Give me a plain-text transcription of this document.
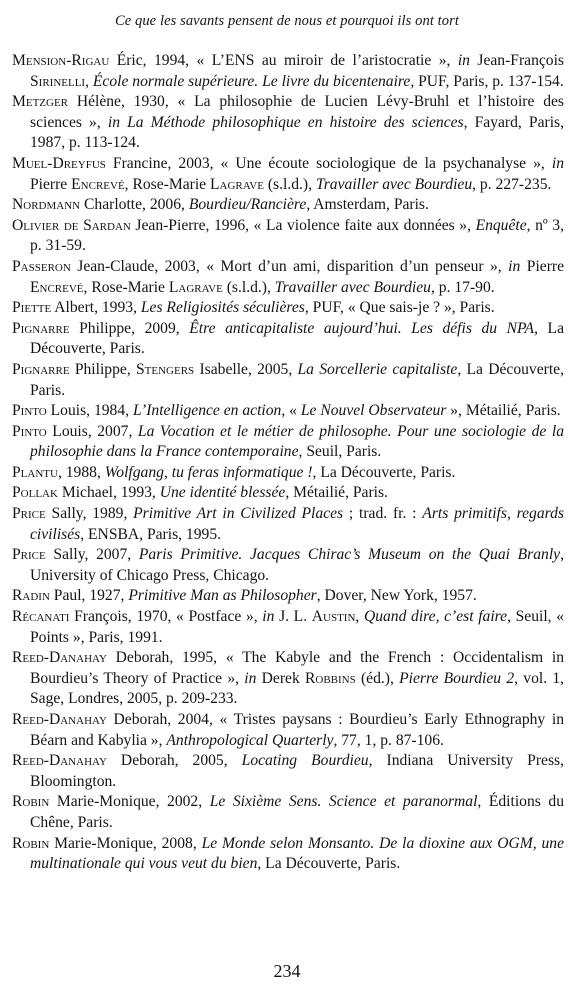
Ce que les savants pensent de nous et pourquoi ils ont tort

Mension-Rigau Éric, 1994, « L’ENS au miroir de l’aristocratie », in Jean-François Sirinelli, École normale supérieure. Le livre du bicentenaire, PUF, Paris, p. 137-154.

Metzger Hélène, 1930, « La philosophie de Lucien Lévy-Bruhl et l’histoire des sciences », in La Méthode philosophique en histoire des sciences, Fayard, Paris, 1987, p. 113-124.

Muel-Dreyfus Francine, 2003, « Une écoute sociologique de la psychanalyse », in Pierre Encrevé, Rose-Marie Lagrave (s.l.d.), Travailler avec Bourdieu, p. 227-235.

Nordmann Charlotte, 2006, Bourdieu/Rancière, Amsterdam, Paris.

Olivier de Sardan Jean-Pierre, 1996, « La violence faite aux données », Enquête, nº 3, p. 31-59.

Passeron Jean-Claude, 2003, « Mort d’un ami, disparition d’un penseur », in Pierre Encrevé, Rose-Marie Lagrave (s.l.d.), Travailler avec Bourdieu, p. 17-90.

Piette Albert, 1993, Les Religiosités séculières, PUF, « Que sais-je ? », Paris.

Pignarre Philippe, 2009, Être anticapitaliste aujourd’hui. Les défis du NPA, La Découverte, Paris.

Pignarre Philippe, Stengers Isabelle, 2005, La Sorcellerie capitaliste, La Découverte, Paris.

Pinto Louis, 1984, L’Intelligence en action, « Le Nouvel Observateur », Métailié, Paris.

Pinto Louis, 2007, La Vocation et le métier de philosophe. Pour une sociologie de la philosophie dans la France contemporaine, Seuil, Paris.

Plantu, 1988, Wolfgang, tu feras informatique !, La Découverte, Paris.

Pollak Michael, 1993, Une identité blessée, Métailié, Paris.

Price Sally, 1989, Primitive Art in Civilized Places ; trad. fr. : Arts primitifs, regards civilisés, ENSBA, Paris, 1995.

Price Sally, 2007, Paris Primitive. Jacques Chirac’s Museum on the Quai Branly, University of Chicago Press, Chicago.

Radin Paul, 1927, Primitive Man as Philosopher, Dover, New York, 1957.

Récanati François, 1970, « Postface », in J. L. Austin, Quand dire, c’est faire, Seuil, « Points », Paris, 1991.

Reed-Danahay Deborah, 1995, « The Kabyle and the French : Occidentalism in Bourdieu’s Theory of Practice », in Derek Robbins (éd.), Pierre Bourdieu 2, vol. 1, Sage, Londres, 2005, p. 209-233.

Reed-Danahay Deborah, 2004, « Tristes paysans : Bourdieu’s Early Ethnography in Béarn and Kabylia », Anthropological Quarterly, 77, 1, p. 87-106.

Reed-Danahay Deborah, 2005, Locating Bourdieu, Indiana University Press, Bloomington.

Robin Marie-Monique, 2002, Le Sixième Sens. Science et paranormal, Éditions du Chêne, Paris.

Robin Marie-Monique, 2008, Le Monde selon Monsanto. De la dioxine aux OGM, une multinationale qui vous veut du bien, La Découverte, Paris.

234
